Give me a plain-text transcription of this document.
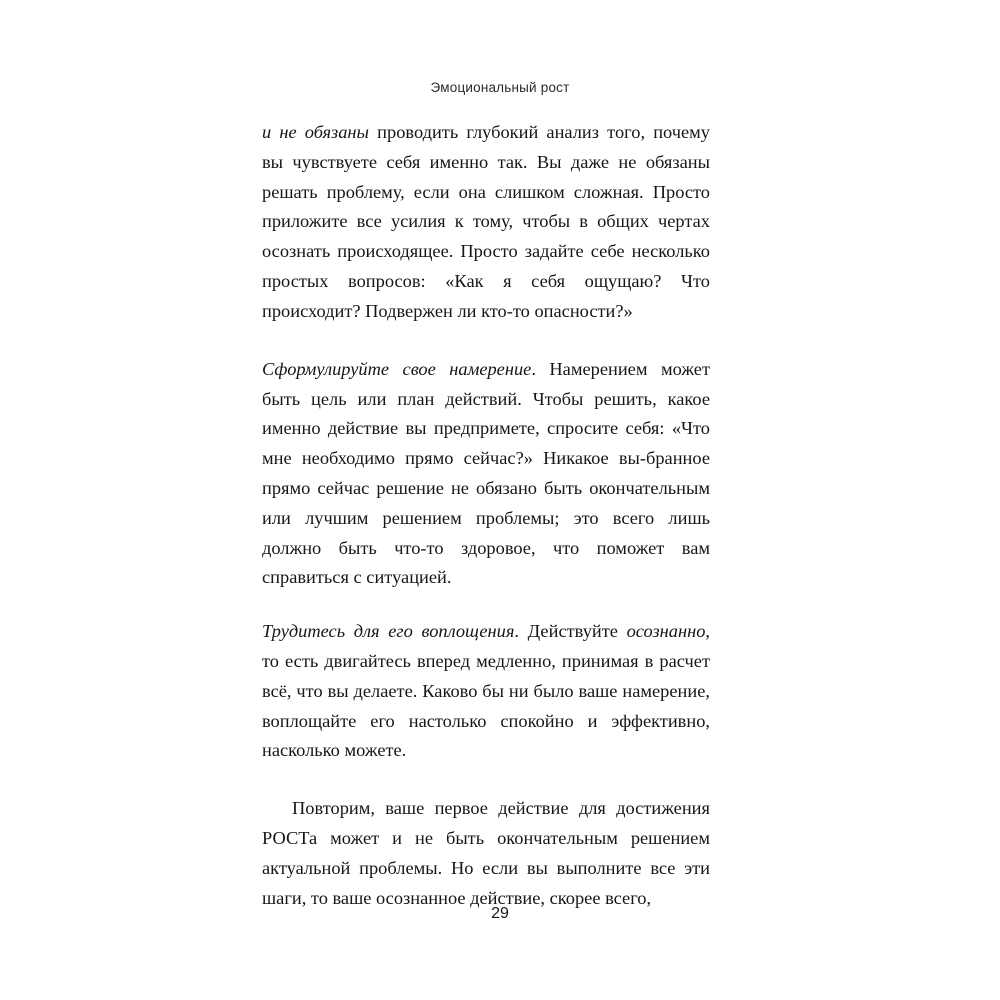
Эмоциональный рост

и не обязаны проводить глубокий анализ того, почему вы чувствуете себя именно так. Вы даже не обязаны решать проблему, если она слишком сложная. Просто приложите все усилия к тому, чтобы в общих чертах осознать происходящее. Просто задайте себе несколько простых вопросов: «Как я себя ощущаю? Что происходит? Подвержен ли кто-то опасности?»

Сформулируйте свое намерение. Намерением может быть цель или план действий. Чтобы решить, какое именно действие вы предпримете, спросите себя: «Что мне необходимо прямо сейчас?» Никакое вы-бранное прямо сейчас решение не обязано быть окончательным или лучшим решением проблемы; это всего лишь должно быть что-то здоровое, что поможет вам справиться с ситуацией.

Трудитесь для его воплощения. Действуйте осознанно, то есть двигайтесь вперед медленно, принимая в расчет всё, что вы делаете. Каково бы ни было ваше намерение, воплощайте его настолько спокойно и эффективно, насколько можете.

Повторим, ваше первое действие для достижения РОСТа может и не быть окончательным решением актуальной проблемы. Но если вы выполните все эти шаги, то ваше осознанное действие, скорее всего,

29
